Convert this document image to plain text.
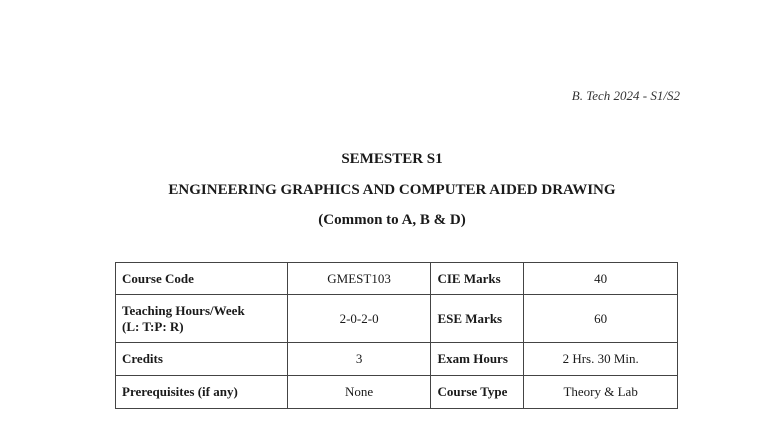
B. Tech 2024 - S1/S2
SEMESTER S1
ENGINEERING GRAPHICS AND COMPUTER AIDED DRAWING
(Common to A, B & D)
Course Code	GMEST103	CIE Marks	40

Teaching Hours/Week
(L: T:P: R)	2-0-2-0	ESE Marks	60
Credits	3	Exam Hours	2 Hrs. 30 Min.
Prerequisites (if any)	None	Course Type	Theory & Lab
